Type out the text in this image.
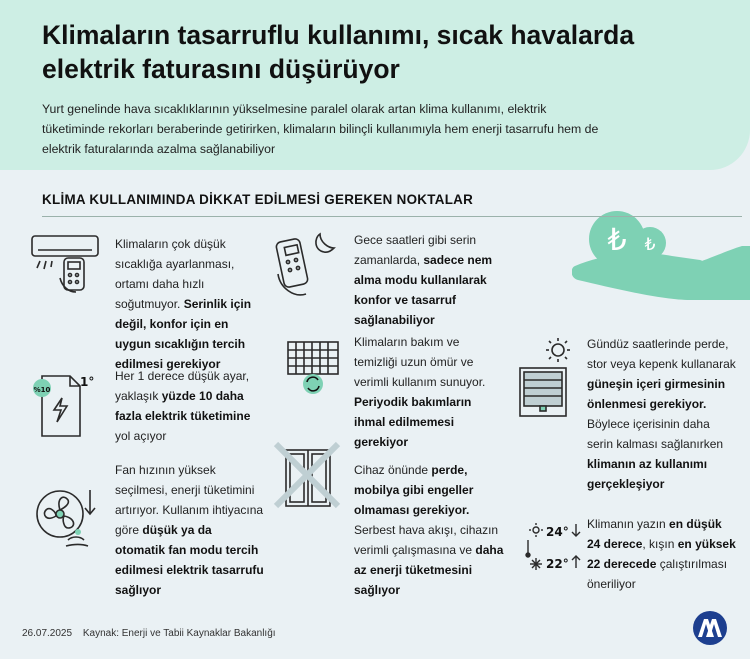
Klimaların tasarruflu kullanımı, sıcak havalarda elektrik faturasını düşürüyor

Yurt genelinde hava sıcaklıklarının yükselmesine paralel olarak artan klima kullanımı, elektrik tüketiminde rekorları beraberinde getirirken, klimaların bilinçli kullanımıyla hem enerji tasarrufu hem de elektrik faturalarında azalma sağlanabiliyor

₺ ₺
KLİMA KULLANIMINDA DİKKAT EDİLMESİ GEREKEN NOKTALAR
%10
1°

Klimaların çok düşük sıcaklığa ayarlanması, ortamı daha hızlı soğutmuyor. Serinlik için değil, konfor için en uygun sıcaklığın tercih edilmesi gerekiyor

Her 1 derece düşük ayar, yaklaşık yüzde 10 daha fazla elektrik tüketimine yol açıyor

Fan hızının yüksek seçilmesi, enerji tüketimini artırıyor. Kullanım ihtiyacına göre düşük ya da otomatik fan modu tercih edilmesi elektrik tasarrufu sağlıyor

Gece saatleri gibi serin zamanlarda, sadece nem alma modu kullanılarak konfor ve tasarruf sağlanabiliyor

Klimaların bakım ve temizliği uzun ömür ve verimli kullanım sunuyor. Periyodik bakımların ihmal edilmemesi gerekiyor

Cihaz önünde perde, mobilya gibi engeller olmaması gerekiyor. Serbest hava akışı, cihazın verimli çalışmasına ve daha az enerji tüketmesini sağlıyor

24°
22°

Gündüz saatlerinde perde, stor veya kepenk kullanarak güneşin içeri girmesinin önlenmesi gerekiyor. Böylece içerisinin daha serin kalması sağlanırken klimanın az kullanımı gerçekleşiyor

Klimanın yazın en düşük 24 derece, kışın en yüksek 22 derecede çalıştırılması öneriliyor

26.07.2025 Kaynak: Enerji ve Tabii Kaynaklar Bakanlığı
